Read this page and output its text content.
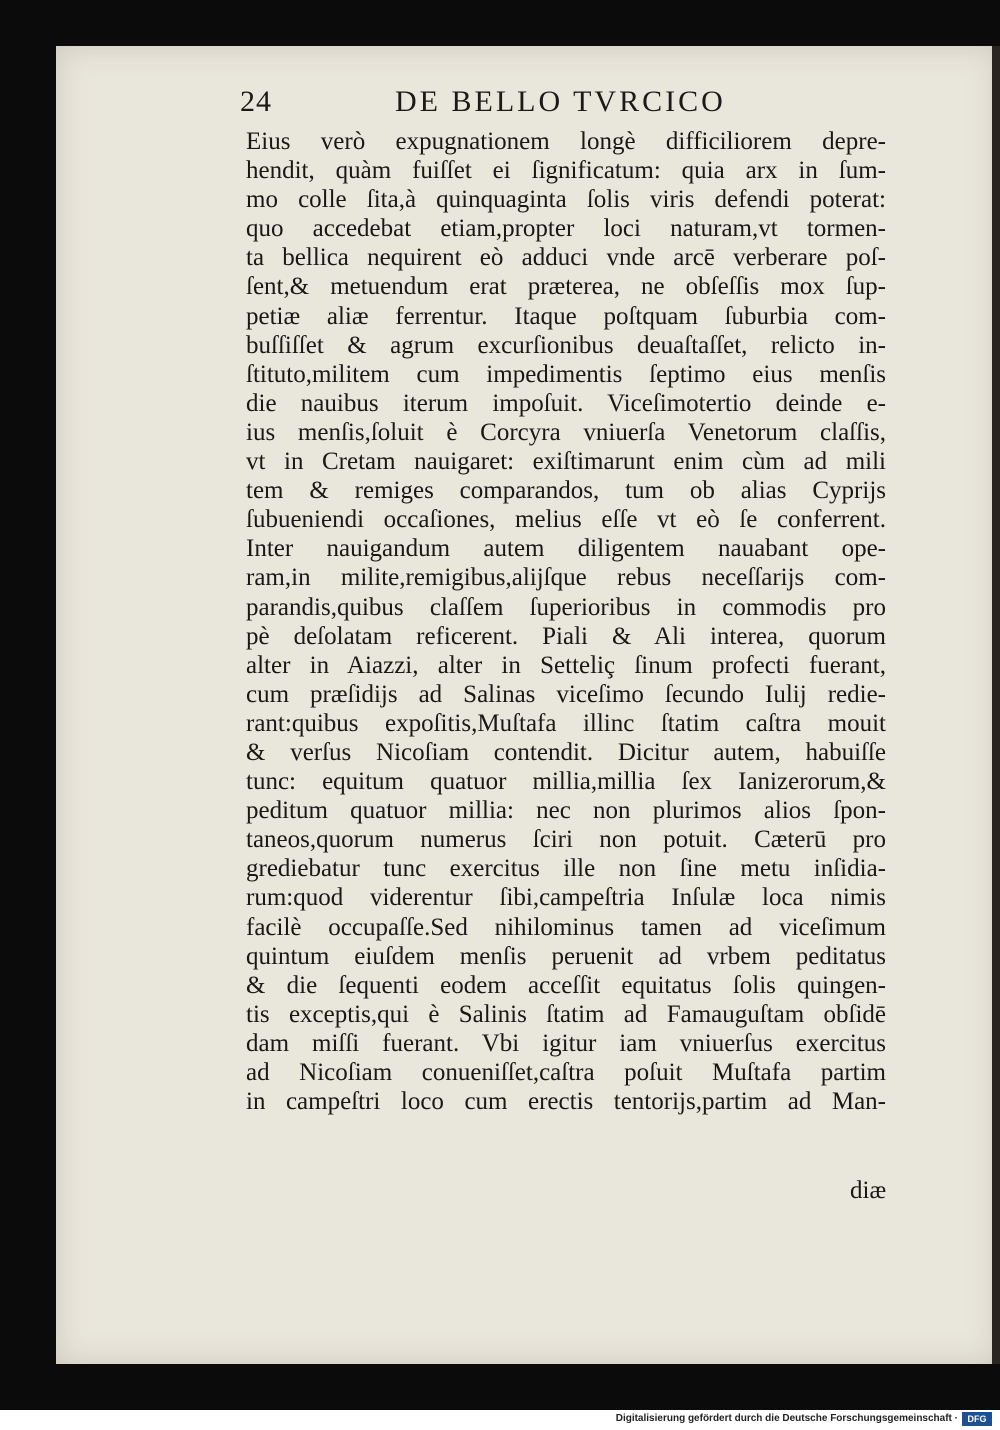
24	DE BELLO TVRCICO
Eius verò expugnationem longè difficiliorem depre-
hendit, quàm fuiſſet ei ſignificatum: quia arx in ſum-
mo colle ſita,à quinquaginta ſolis viris defendi poterat:
quo accedebat etiam,propter loci naturam,vt tormen-
ta bellica nequirent eò adduci vnde arcē verberare poſ-
ſent,& metuendum erat præterea, ne obſeſſis mox ſup-
petiæ aliæ ferrentur. Itaque poſtquam ſuburbia com-
buſſiſſet & agrum excurſionibus deuaſtaſſet, relicto in-
ſtituto,militem cum impedimentis ſeptimo eius menſis
die nauibus iterum impoſuit. Viceſimotertio deinde e-
ius menſis,ſoluit è Corcyra vniuerſa Venetorum claſſis,
vt in Cretam nauigaret: exiſtimarunt enim cùm ad mili
tem & remiges comparandos, tum ob alias Cyprijs
ſubueniendi occaſiones, melius eſſe vt eò ſe conferrent.
Inter nauigandum autem diligentem nauabant ope-
ram,in milite,remigibus,alijſque rebus neceſſarijs com-
parandis,quibus claſſem ſuperioribus in commodis pro
pè deſolatam reficerent. Piali & Ali interea, quorum
alter in Aiazzi, alter in Setteliç ſinum profecti fuerant,
cum præſidijs ad Salinas viceſimo ſecundo Iulij redie-
rant:quibus expoſitis,Muſtafa illinc ſtatim caſtra mouit
& verſus Nicoſiam contendit. Dicitur autem, habuiſſe
tunc: equitum quatuor millia,millia ſex Ianizerorum,&
peditum quatuor millia: nec non plurimos alios ſpon-
taneos,quorum numerus ſciri non potuit. Cæterū pro
grediebatur tunc exercitus ille non ſine metu inſidia-
rum:quod viderentur ſibi,campeſtria Inſulæ loca nimis
facilè occupaſſe.Sed nihilominus tamen ad viceſimum
quintum eiuſdem menſis peruenit ad vrbem peditatus
& die ſequenti eodem acceſſit equitatus ſolis quingen-
tis exceptis,qui è Salinis ſtatim ad Famauguſtam obſidē
dam miſſi fuerant. Vbi igitur iam vniuerſus exercitus
ad Nicoſiam conueniſſet,caſtra poſuit Muſtafa partim
in campeſtri loco cum erectis tentorijs,partim ad Man-
diæ
Digitalisierung gefördert durch die Deutsche Forschungsgemeinschaft ·	DFG
